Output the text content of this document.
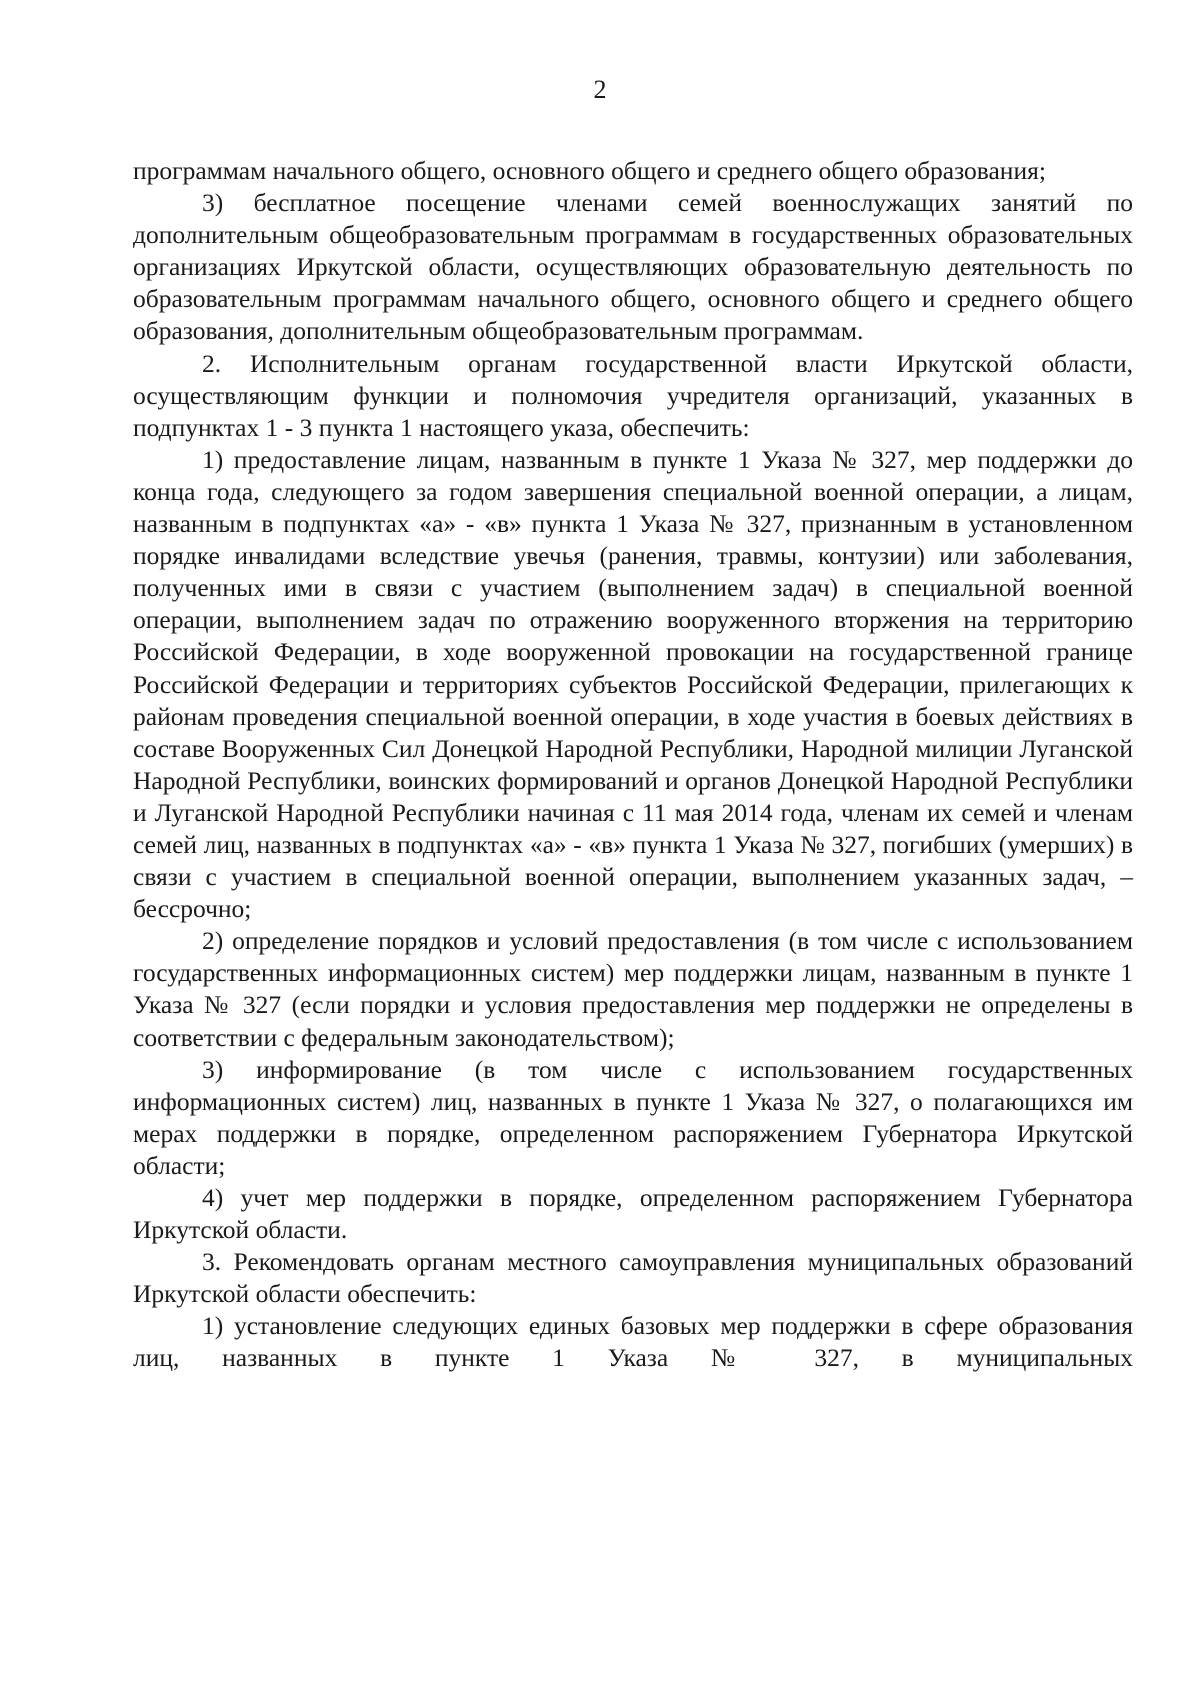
2

программам начального общего, основного общего и среднего общего образования;

3) бесплатное посещение членами семей военнослужащих занятий по дополнительным общеобразовательным программам в государственных образовательных организациях Иркутской области, осуществляющих образовательную деятельность по образовательным программам начального общего, основного общего и среднего общего образования, дополнительным общеобразовательным программам.

2. Исполнительным органам государственной власти Иркутской области, осуществляющим функции и полномочия учредителя организаций, указанных в подпунктах 1 - 3 пункта 1 настоящего указа, обеспечить:

1) предоставление лицам, названным в пункте 1 Указа № 327, мер поддержки до конца года, следующего за годом завершения специальной военной операции, а лицам, названным в подпунктах «а» - «в» пункта 1 Указа № 327, признанным в установленном порядке инвалидами вследствие увечья (ранения, травмы, контузии) или заболевания, полученных ими в связи с участием (выполнением задач) в специальной военной операции, выполнением задач по отражению вооруженного вторжения на территорию Российской Федерации, в ходе вооруженной провокации на государственной границе Российской Федерации и территориях субъектов Российской Федерации, прилегающих к районам проведения специальной военной операции, в ходе участия в боевых действиях в составе Вооруженных Сил Донецкой Народной Республики, Народной милиции Луганской Народной Республики, воинских формирований и органов Донецкой Народной Республики и Луганской Народной Республики начиная с 11 мая 2014 года, членам их семей и членам семей лиц, названных в подпунктах «а» - «в» пункта 1 Указа № 327, погибших (умерших) в связи с участием в специальной военной операции, выполнением указанных задач, – бессрочно;

2) определение порядков и условий предоставления (в том числе с использованием государственных информационных систем) мер поддержки лицам, названным в пункте 1 Указа № 327 (если порядки и условия предоставления мер поддержки не определены в соответствии с федеральным законодательством);

3) информирование (в том числе с использованием государственных информационных систем) лиц, названных в пункте 1 Указа № 327, о полагающихся им мерах поддержки в порядке, определенном распоряжением Губернатора Иркутской области;

4) учет мер поддержки в порядке, определенном распоряжением Губернатора Иркутской области.

3. Рекомендовать органам местного самоуправления муниципальных образований Иркутской области обеспечить:

1) установление следующих единых базовых мер поддержки в сфере образования лиц, названных в пункте 1 Указа № 327, в муниципальных
